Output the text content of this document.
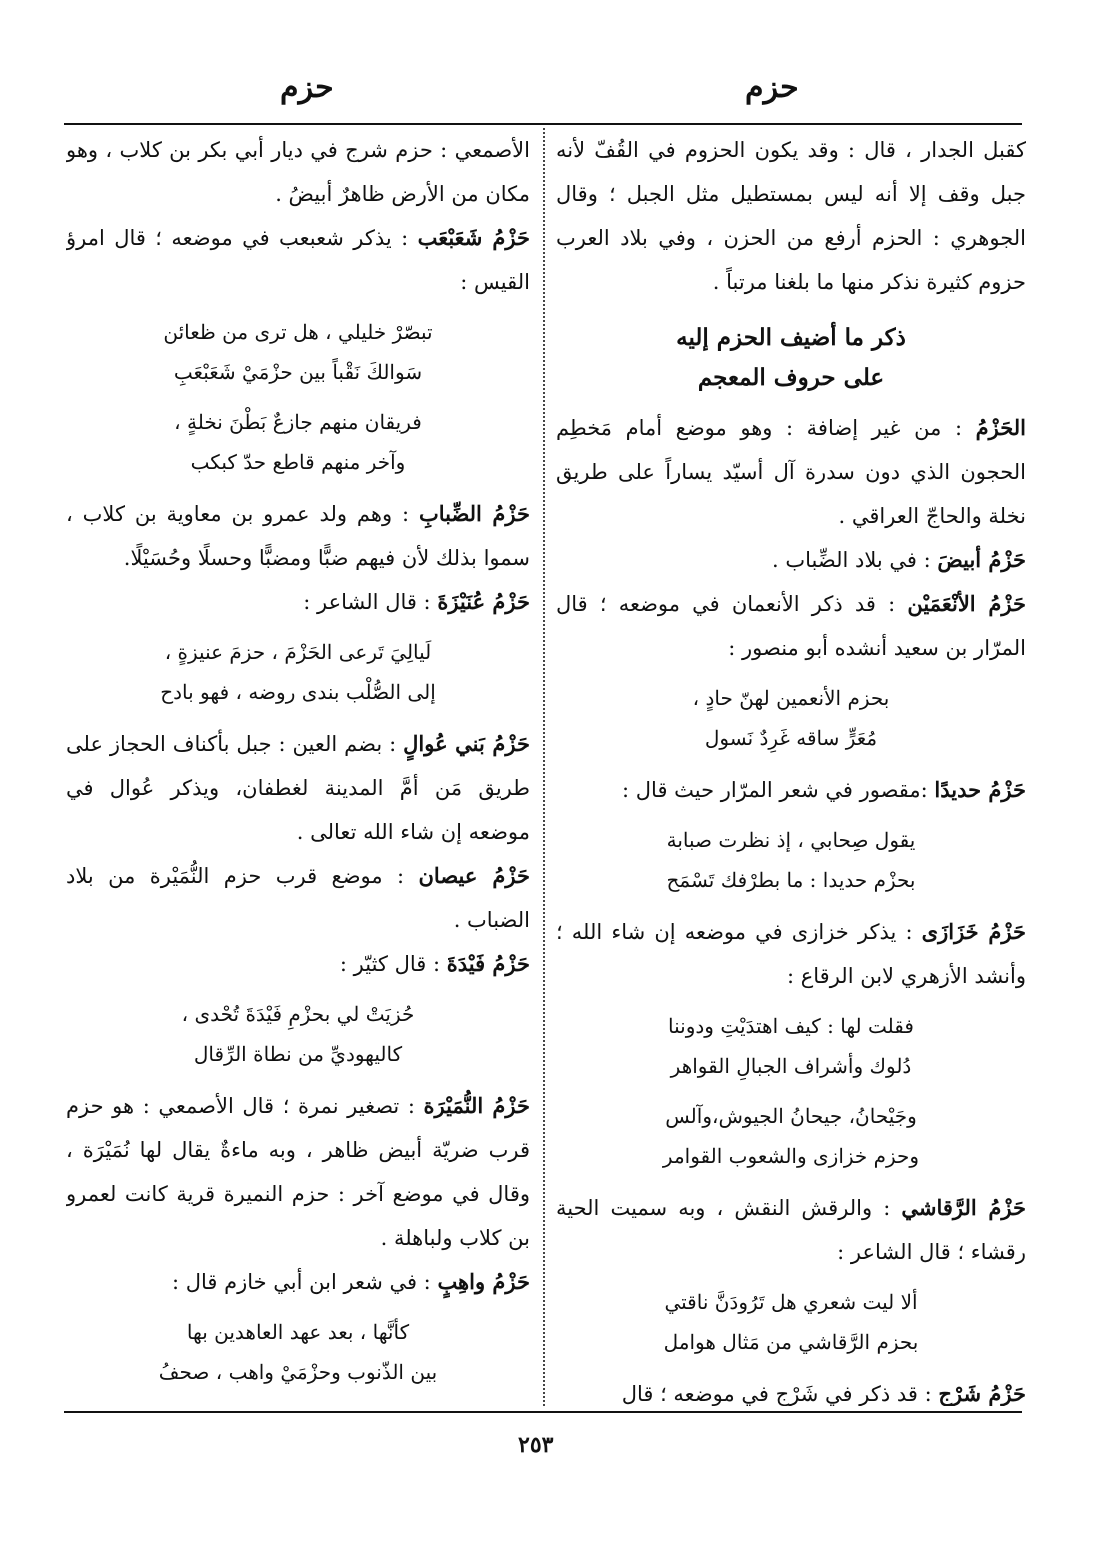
حزم
حزم

كقبل الجدار ، قال : وقد يكون الحزوم في القُفّ لأنه جبل وقف إلا أنه ليس بمستطيل مثل الجبل ؛ وقال الجوهري : الحزم أرفع من الحزن ، وفي بلاد العرب حزوم كثيرة نذكر منها ما بلغنا مرتباً .

ذكر ما أضيف الحزم إليه
على حروف المعجم

الحَزْمُ : من غير إضافة : وهو موضع أمام مَخطِم الحجون الذي دون سدرة آل أسيّد يساراً على طريق نخلة والحاجّ العراقي .

حَزْمُ أبيضَ : في بلاد الضِّباب .

حَزْمُ الأنْعَمَيْن : قد ذكر الأنعمان في موضعه ؛ قال المرّار بن سعيد أنشده أبو منصور :

بحزم الأنعمين لهنّ حادٍ ،
مُعَرٍّ ساقه غَرِدٌ نَسول

حَزْمُ حديدًا :مقصور في شعر المرّار حيث قال :

يقول صِحابي ، إذ نظرت صبابة
بحزْم حديدا : ما بطرْفك تَسْمَح

حَزْمُ خَزَازَى : يذكر خزازى في موضعه إن شاء الله ؛ وأنشد الأزهري لابن الرقاع :

فقلت لها : كيف اهتدَيْتِ ودوننا
دُلوك وأشراف الجبالِ القواهر
وجَيْحانُ، جيحانُ الجيوش،وآلس
وحزم خزازى والشعوب القوامر

حَزْمُ الرَّقاشي : والرقش النقش ، وبه سميت الحية رقشاء ؛ قال الشاعر :

ألا ليت شعري هل تَرُودَنَّ ناقتي
بحزم الرَّقاشي من مَثال هوامل

حَزْمُ شَرْج : قد ذكر في شَرْج في موضعه ؛ قال

الأصمعي : حزم شرج في ديار أبي بكر بن كلاب ، وهو مكان من الأرض ظاهرٌ أبيضُ .

حَزْمُ شَعَبْعَب : يذكر شعبعب في موضعه ؛ قال امرؤ القيس :

تبصّرْ خليلي ، هل ترى من ظعائن
سَوالكَ نَقْباً بين حزْمَيْ شَعَبْعَبِ
فريقان منهم جازعٌ بَطْنَ نخلةٍ ،
وآخر منهم قاطع حدّ كبكب

حَزْمُ الضِّبابِ : وهم ولد عمرو بن معاوية بن كلاب ، سموا بذلك لأن فيهم ضبًّا ومضبًّا وحسلًا وحُسَيْلًا.

حَزْمُ عُنَيْزَةَ : قال الشاعر :

لَيالِيَ تَرعى الحَزْمَ ، حزمَ عنيزةٍ ،
إلى الصُّلْب بندى روضه ، فهو بادح

حَزْمُ بَني عُوالٍ : بضم العين : جبل بأكناف الحجاز على طريق مَن أمَّ المدينة لغطفان، ويذكر عُوال في موضعه إن شاء الله تعالى .

حَزْمُ عيصان : موضع قرب حزم النُّمَيْرة من بلاد الضباب .

حَزْمُ فَيْدَةَ : قال كثيّر :

حُزيَتْ لي بحزْمِ فَيْدَةَ تُحْدى ،
كاليهوديِّ من نطاة الرِّقال

حَزْمُ النُّمَيْرَة : تصغير نمرة ؛ قال الأصمعي : هو حزم قرب ضريّة أبيض ظاهر ، وبه ماءةٌ يقال لها نُمَيْرَة ، وقال في موضع آخر : حزم النميرة قرية كانت لعمرو بن كلاب ولباهلة .

حَزْمُ واهِبٍ : في شعر ابن أبي خازم قال :

كأنَّها ، بعد عهد العاهدين بها
بين الذّنوب وحزْمَيْ واهب ، صحفُ
٢٥٣
